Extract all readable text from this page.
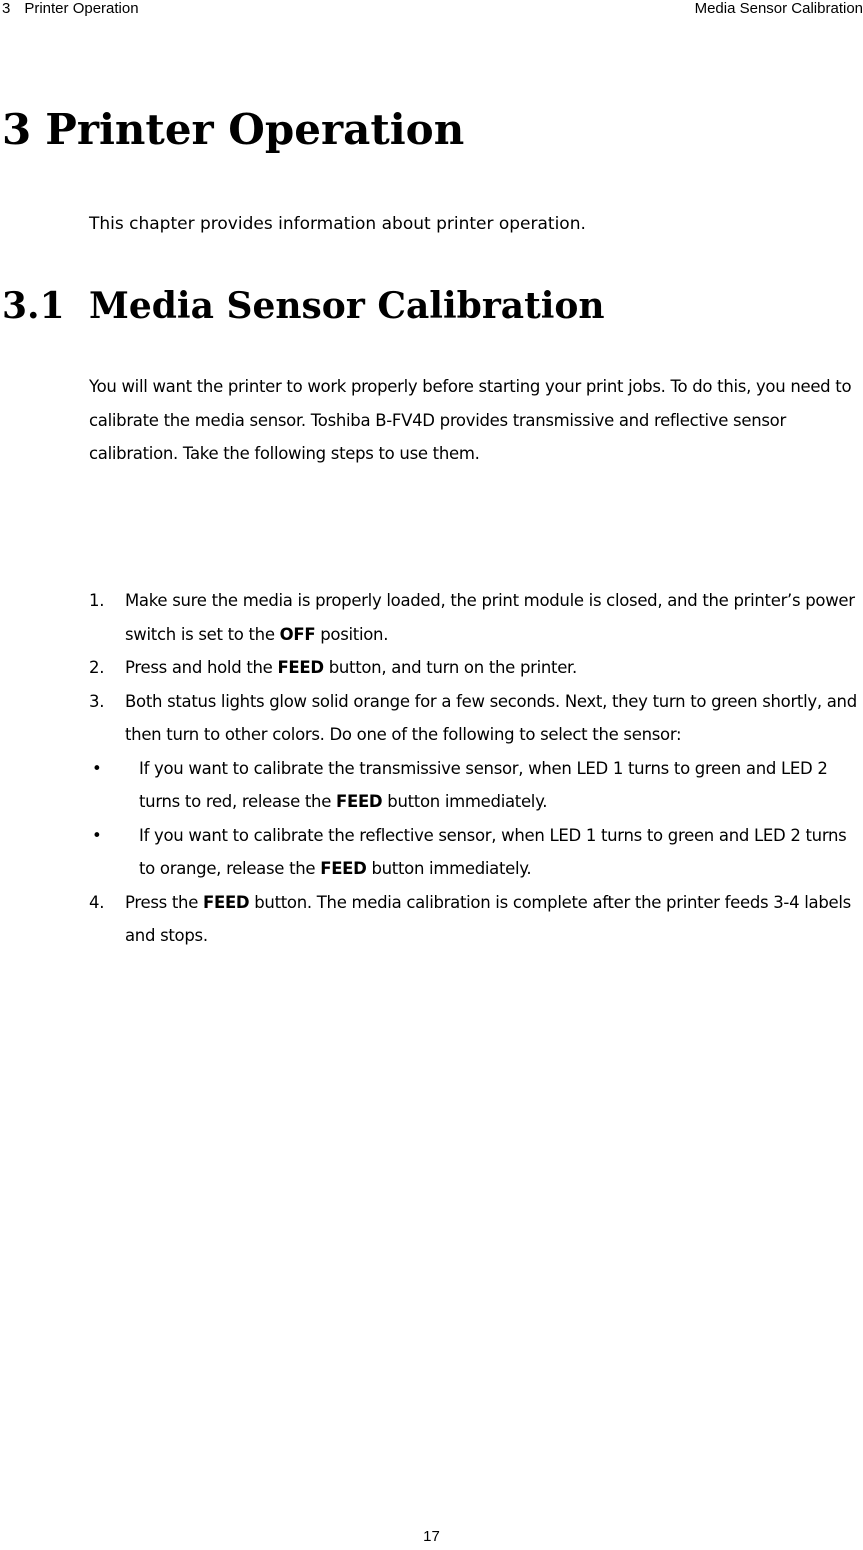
3 Printer Operation	Media Sensor Calibration
3 Printer Operation

This chapter provides information about printer operation.

3.1 Media Sensor Calibration

You will want the printer to work properly before starting your print jobs. To do this, you need to calibrate the media sensor. Toshiba B-FV4D provides transmissive and reflective sensor calibration. Take the following steps to use them.

1. Make sure the media is properly loaded, the print module is closed, and the printer’s power switch is set to the OFF position.
2. Press and hold the FEED button, and turn on the printer.
3. Both status lights glow solid orange for a few seconds. Next, they turn to green shortly, and then turn to other colors. Do one of the following to select the sensor:
•	If you want to calibrate the transmissive sensor, when LED 1 turns to green and LED 2 turns to red, release the FEED button immediately.
•	If you want to calibrate the reflective sensor, when LED 1 turns to green and LED 2 turns to orange, release the FEED button immediately.
4. Press the FEED button. The media calibration is complete after the printer feeds 3-4 labels and stops.
17
